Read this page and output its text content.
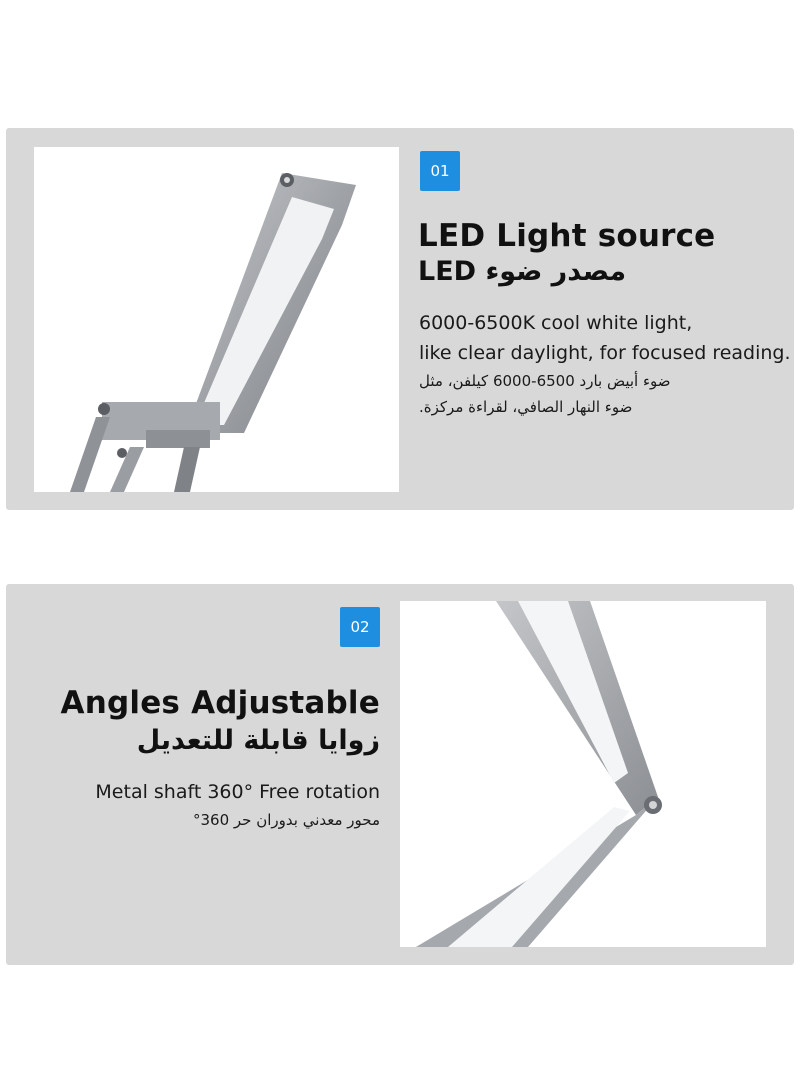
01
LED Light source
مصدر ضوء LED
6000-6500K cool white light,
like clear daylight, for focused reading.
ضوء أبيض بارد 6500-6000 كيلفن، مثل
ضوء النهار الصافي، لقراءة مركزة.
02
Angles Adjustable
زوايا قابلة للتعديل
Metal shaft 360° Free rotation
محور معدني بدوران حر 360°
